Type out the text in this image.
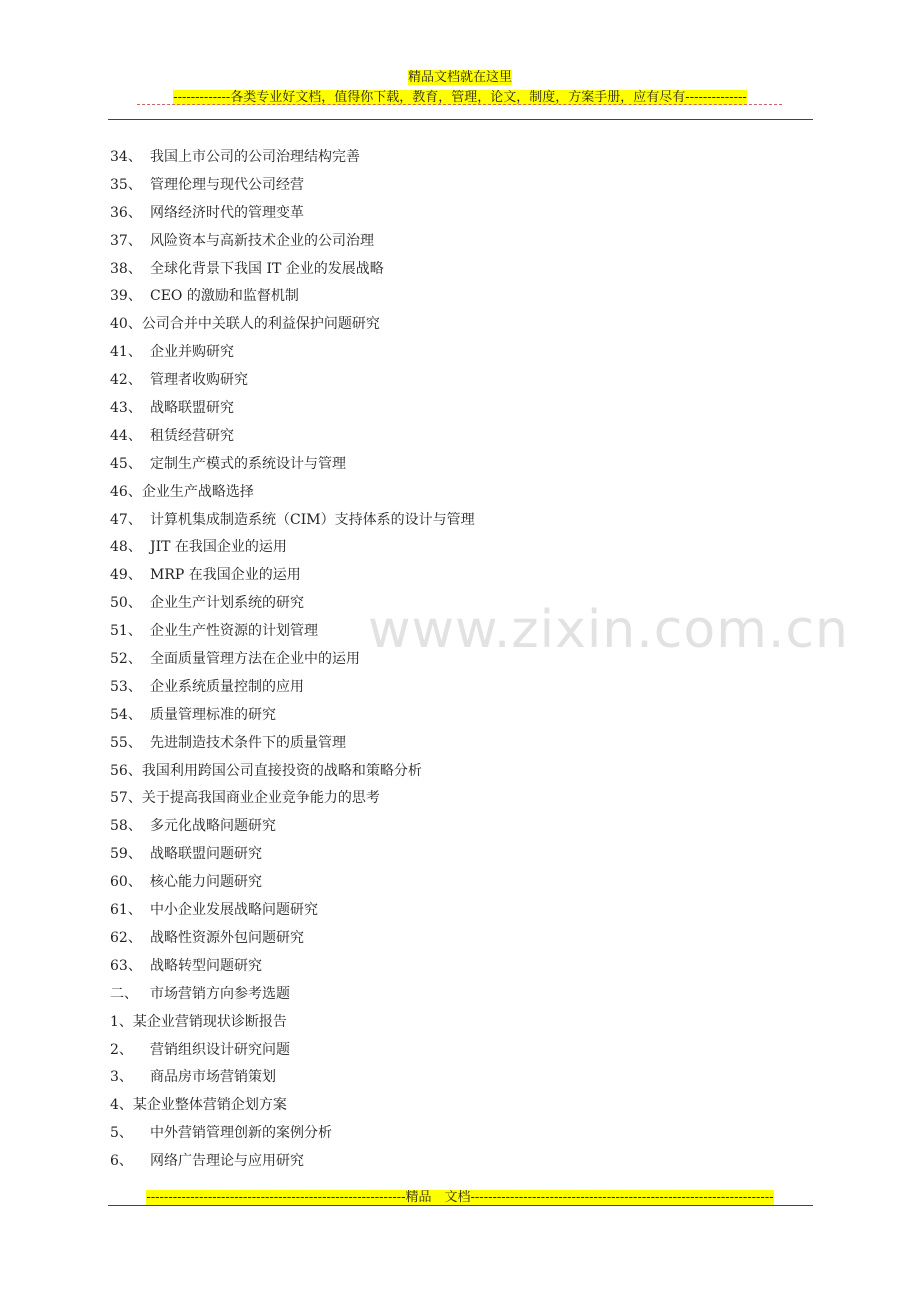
精品文档就在这里
-------------各类专业好文档，值得你下载，教育，管理，论文，制度，方案手册，应有尽有--------------
www.zixin.com.cn
34、 我国上市公司的公司治理结构完善
35、 管理伦理与现代公司经营
36、 网络经济时代的管理变革
37、 风险资本与高新技术企业的公司治理
38、 全球化背景下我国 IT 企业的发展战略
39、 CEO 的激励和监督机制
40、公司合并中关联人的利益保护问题研究
41、 企业并购研究
42、 管理者收购研究
43、 战略联盟研究
44、 租赁经营研究
45、 定制生产模式的系统设计与管理
46、企业生产战略选择
47、 计算机集成制造系统（CIM）支持体系的设计与管理
48、 JIT 在我国企业的运用
49、 MRP 在我国企业的运用
50、 企业生产计划系统的研究
51、 企业生产性资源的计划管理
52、 全面质量管理方法在企业中的运用
53、 企业系统质量控制的应用
54、 质量管理标准的研究
55、 先进制造技术条件下的质量管理
56、我国利用跨国公司直接投资的战略和策略分析
57、关于提高我国商业企业竞争能力的思考
58、 多元化战略问题研究
59、 战略联盟问题研究
60、 核心能力问题研究
61、 中小企业发展战略问题研究
62、 战略性资源外包问题研究
63、 战略转型问题研究
二、 市场营销方向参考选题
1、某企业营销现状诊断报告
2、 营销组织设计研究问题
3、 商品房市场营销策划
4、某企业整体营销企划方案
5、 中外营销管理创新的案例分析
6、 网络广告理论与应用研究
-----------------------------------------------------------精品　文档---------------------------------------------------------------------
